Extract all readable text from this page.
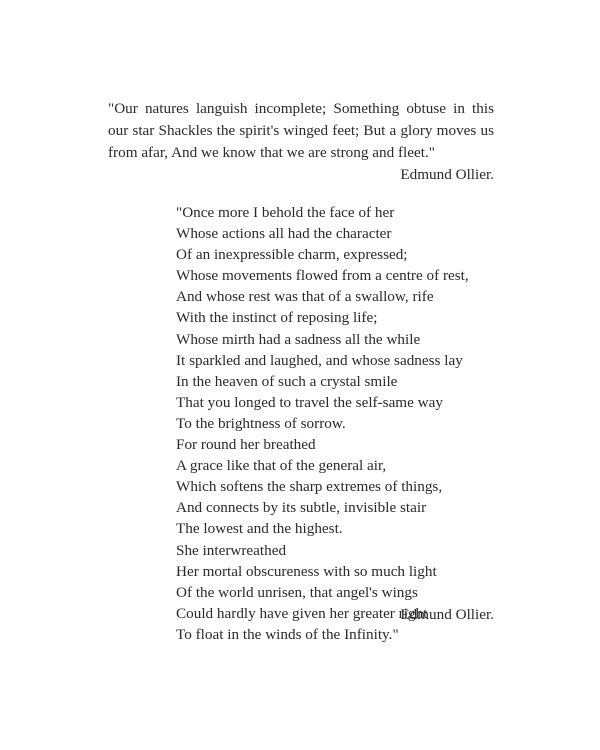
"Our natures languish incomplete; Something obtuse in this our star Shackles the spirit's winged feet; But a glory moves us from afar, And we know that we are strong and fleet."

Edmund Ollier.
"Once more I behold the face of her
Whose actions all had the character
Of an inexpressible charm, expressed;
Whose movements flowed from a centre of rest,
And whose rest was that of a swallow, rife
With the instinct of reposing life;
Whose mirth had a sadness all the while
It sparkled and laughed, and whose sadness lay
In the heaven of such a crystal smile
That you longed to travel the self-same way
To the brightness of sorrow.
For round her breathed
A grace like that of the general air,
Which softens the sharp extremes of things,
And connects by its subtle, invisible stair
The lowest and the highest.
She interwreathed
Her mortal obscureness with so much light
Of the world unrisen, that angel's wings
Could hardly have given her greater right
To float in the winds of the Infinity."
Edmund Ollier.
